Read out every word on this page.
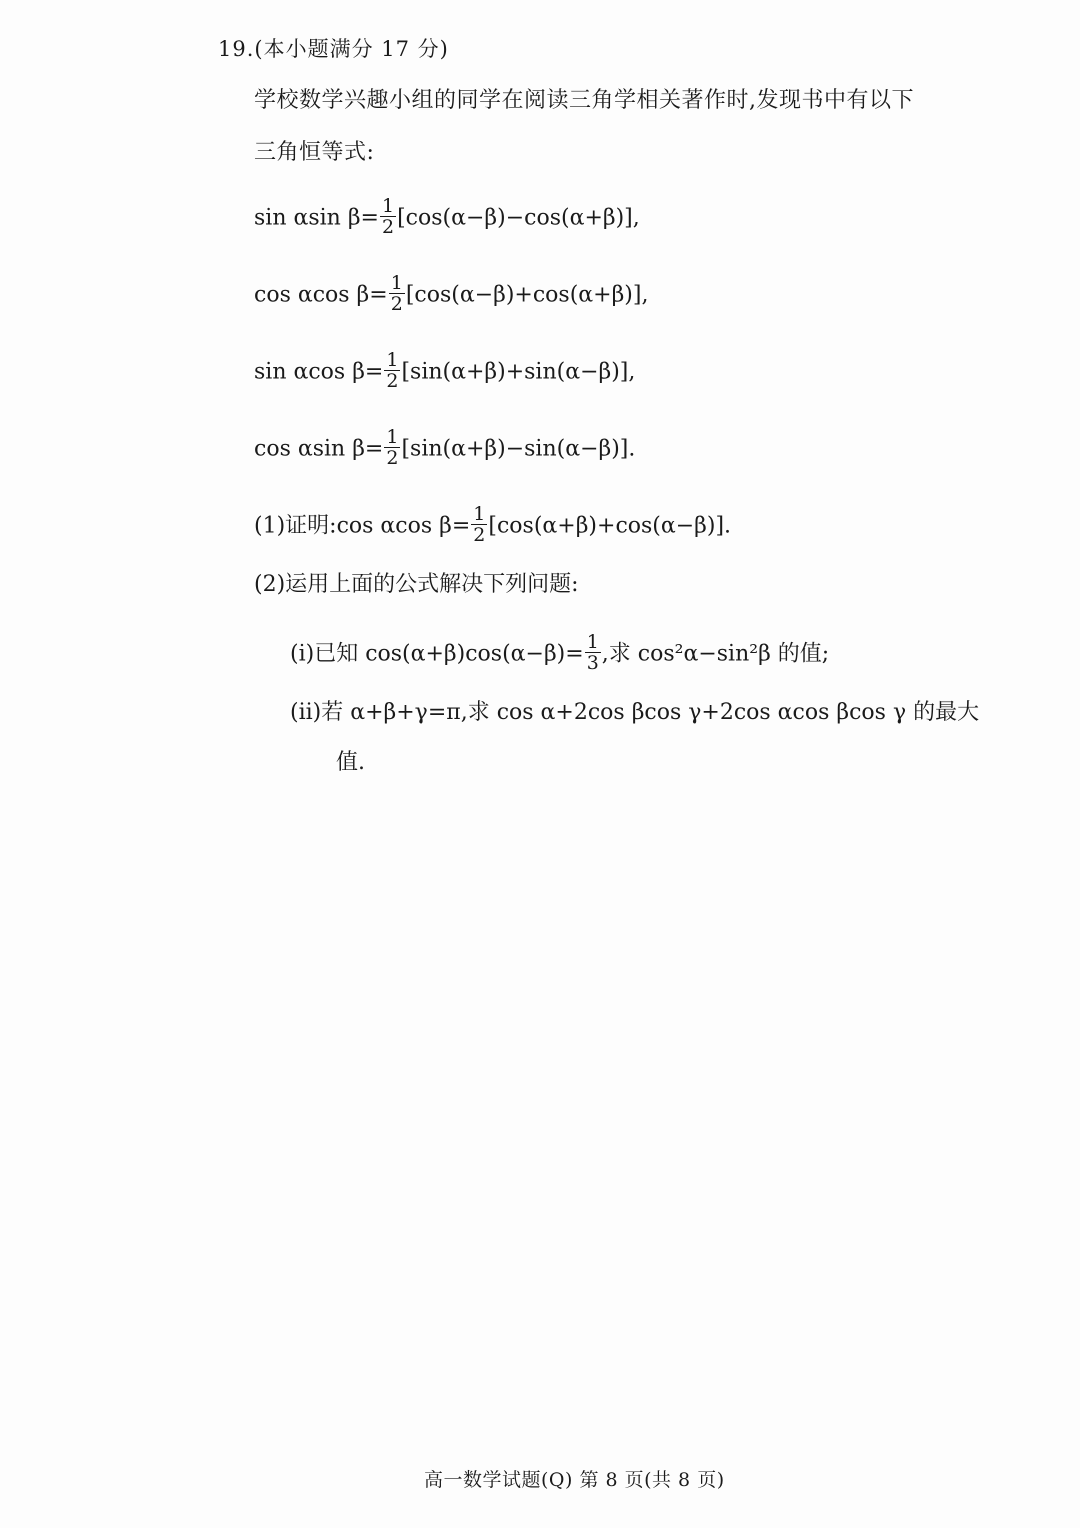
19.(本小题满分 17 分)
学校数学兴趣小组的同学在阅读三角学相关著作时,发现书中有以下
三角恒等式:
sin αsin $\beta= \frac{1}{2} [\cos(\alpha-\beta)-\cos(\alpha+\beta)]$,
cos αcos $\beta= \frac{1}{2} [\cos(\alpha-\beta)+\cos(\alpha+\beta)]$,
sin αcos $\beta= \frac{1}{2} [\sin(\alpha+\beta)+\sin(\alpha-\beta)]$,
cos αsin $\beta= \frac{1}{2} [\sin(\alpha+\beta)-\sin(\alpha-\beta)]$.
(1)证明:cos αcos $\beta= \frac{1}{2} [\cos(\alpha+\beta)+\cos(\alpha-\beta)]$.
(2)运用上面的公式解决下列问题:
(ⅰ)已知 $\cos(\alpha+\beta)\cos(\alpha-\beta)= \frac{1}{3}$ ,求 cos²α−sin²β 的值;
(ⅱ)若 α+β+γ=π,求 cos α+2cos βcos γ+2cos αcos βcos γ 的最大
值.
高一数学试题(Q) 第 8 页(共 8 页)
